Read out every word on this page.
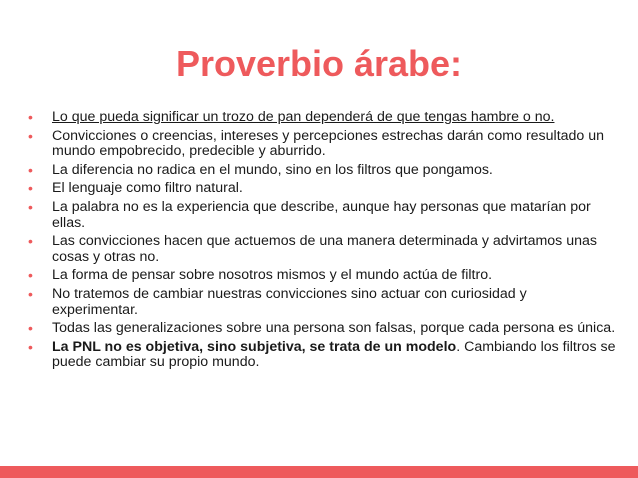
Proverbio árabe:
• Lo que pueda significar un trozo de pan dependerá de que tengas hambre o no.
• Convicciones o creencias, intereses y percepciones estrechas darán como resultado un mundo empobrecido, predecible y aburrido.
• La diferencia no radica en el mundo, sino en los filtros que pongamos.
• El lenguaje como filtro natural.
• La palabra no es la experiencia que describe, aunque hay personas que matarían por ellas.
• Las convicciones hacen que actuemos de una manera determinada y advirtamos unas cosas y otras no.
• La forma de pensar sobre nosotros mismos y el mundo actúa de filtro.
• No tratemos de cambiar nuestras convicciones sino actuar con curiosidad y experimentar.
• Todas las generalizaciones sobre una persona son falsas, porque cada persona es única.
• La PNL no es objetiva, sino subjetiva, se trata de un modelo. Cambiando los filtros se puede cambiar su propio mundo.
